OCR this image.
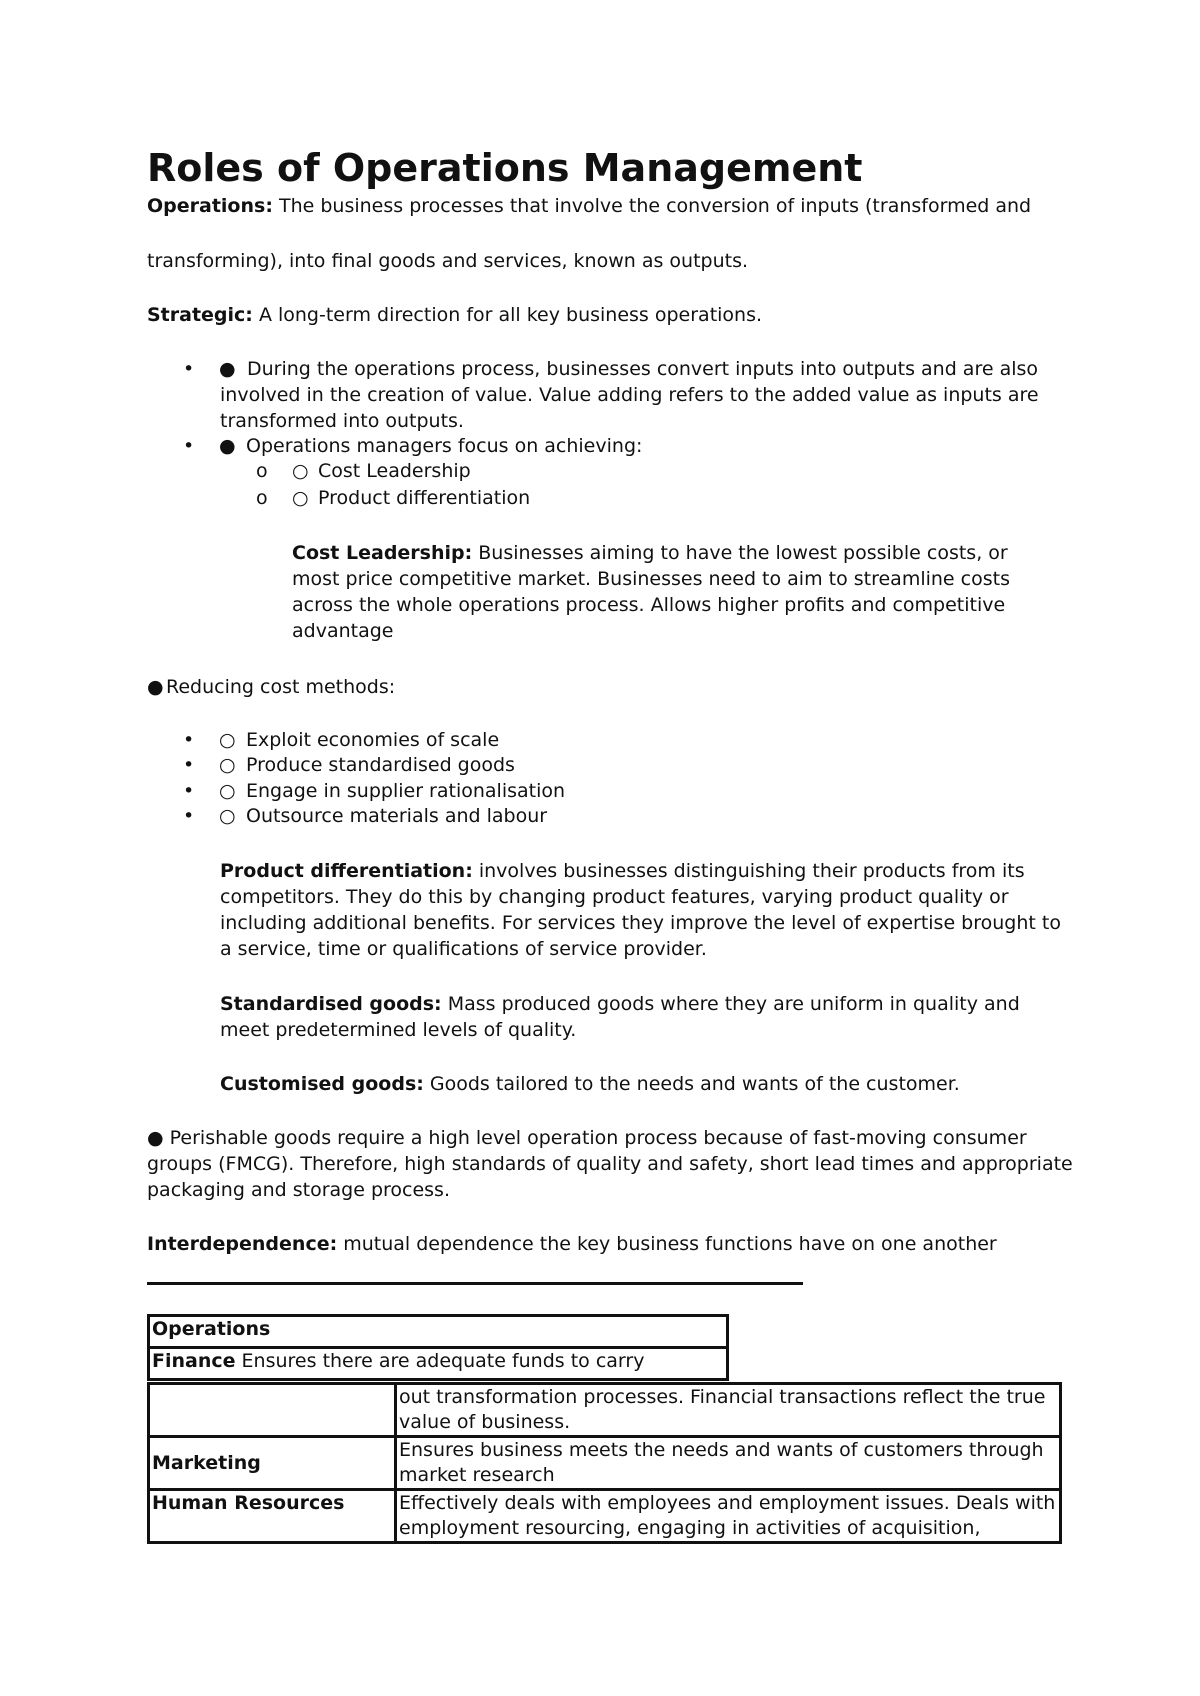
Roles of Operations Management
Operations: The business processes that involve the conversion of inputs (transformed and
transforming), into final goods and services, known as outputs.
Strategic: A long-term direction for all key business operations.
• ● During the operations process, businesses convert inputs into outputs and are also involved in the creation of value. Value adding refers to the added value as inputs are transformed into outputs.
• ● Operations managers focus on achieving:
o ○ Cost Leadership
o ○ Product differentiation
Cost Leadership: Businesses aiming to have the lowest possible costs, or most price competitive market. Businesses need to aim to streamline costs across the whole operations process. Allows higher profits and competitive advantage
● Reducing cost methods:
• ○ Exploit economies of scale
• ○ Produce standardised goods
• ○ Engage in supplier rationalisation
• ○ Outsource materials and labour
Product differentiation: involves businesses distinguishing their products from its competitors. They do this by changing product features, varying product quality or including additional benefits. For services they improve the level of expertise brought to a service, time or qualifications of service provider.
Standardised goods: Mass produced goods where they are uniform in quality and meet predetermined levels of quality.
Customised goods: Goods tailored to the needs and wants of the customer.
● Perishable goods require a high level operation process because of fast-moving consumer groups (FMCG). Therefore, high standards of quality and safety, short lead times and appropriate packaging and storage process.
Interdependence: mutual dependence the key business functions have on one another
Operations
Finance Ensures there are adequate funds to carry
	out transformation processes. Financial transactions reflect the true value of business.
Marketing	Ensures business meets the needs and wants of customers through market research
Human Resources	Effectively deals with employees and employment issues. Deals with employment resourcing, engaging in activities of acquisition,
